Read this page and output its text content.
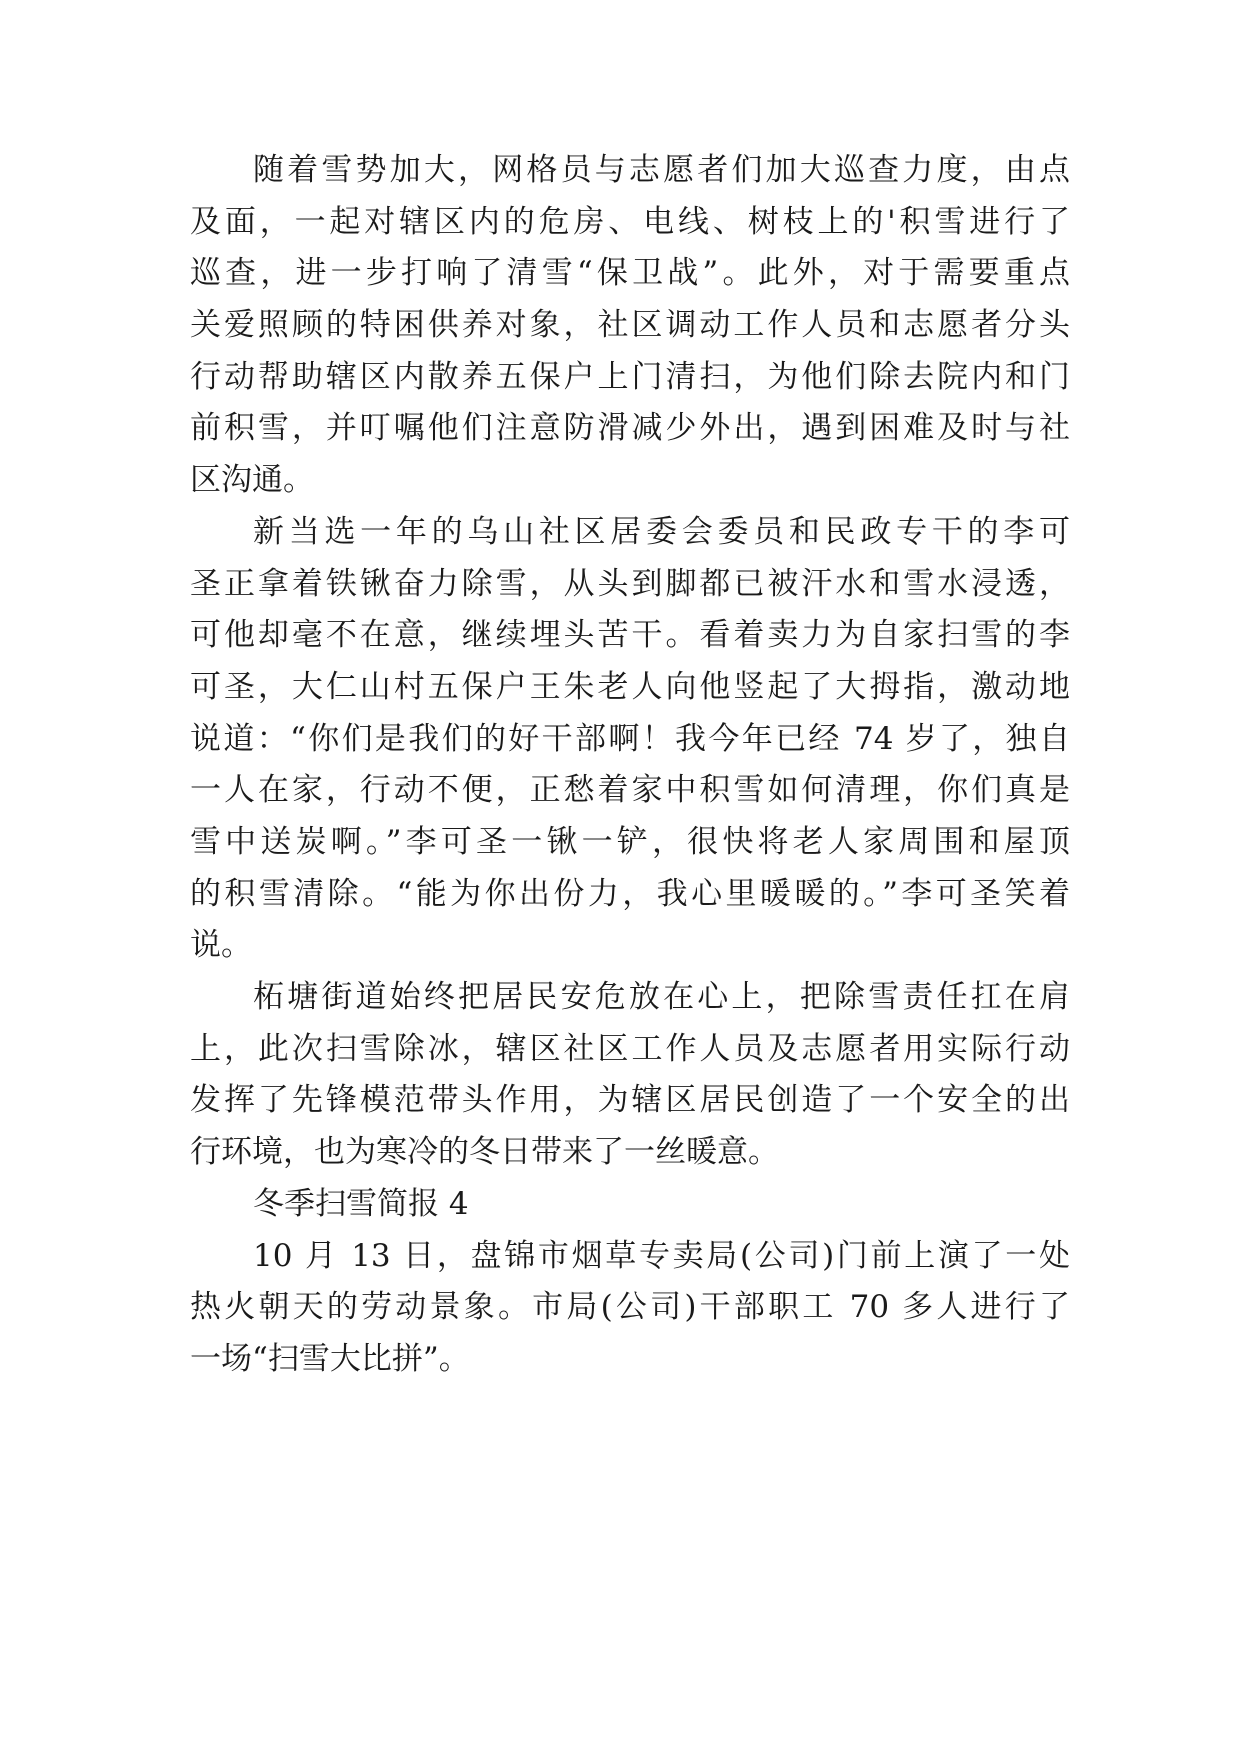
随着雪势加大，网格员与志愿者们加大巡查力度，由点
及面，一起对辖区内的危房、电线、树枝上的'积雪进行了
巡查，进一步打响了清雪“保卫战”。此外，对于需要重点
关爱照顾的特困供养对象，社区调动工作人员和志愿者分头
行动帮助辖区内散养五保户上门清扫，为他们除去院内和门
前积雪，并叮嘱他们注意防滑减少外出，遇到困难及时与社
区沟通。
新当选一年的乌山社区居委会委员和民政专干的李可
圣正拿着铁锹奋力除雪，从头到脚都已被汗水和雪水浸透，
可他却毫不在意，继续埋头苦干。看着卖力为自家扫雪的李
可圣，大仁山村五保户王朱老人向他竖起了大拇指，激动地
说道：“你们是我们的好干部啊！我今年已经 74 岁了，独自
一人在家，行动不便，正愁着家中积雪如何清理，你们真是
雪中送炭啊。”李可圣一锹一铲，很快将老人家周围和屋顶
的积雪清除。“能为你出份力，我心里暖暖的。”李可圣笑着
说。
柘塘街道始终把居民安危放在心上，把除雪责任扛在肩
上，此次扫雪除冰，辖区社区工作人员及志愿者用实际行动
发挥了先锋模范带头作用，为辖区居民创造了一个安全的出
行环境，也为寒冷的冬日带来了一丝暖意。
冬季扫雪简报 4
10 月 13 日，盘锦市烟草专卖局(公司)门前上演了一处
热火朝天的劳动景象。市局(公司)干部职工 70 多人进行了
一场“扫雪大比拼”。
